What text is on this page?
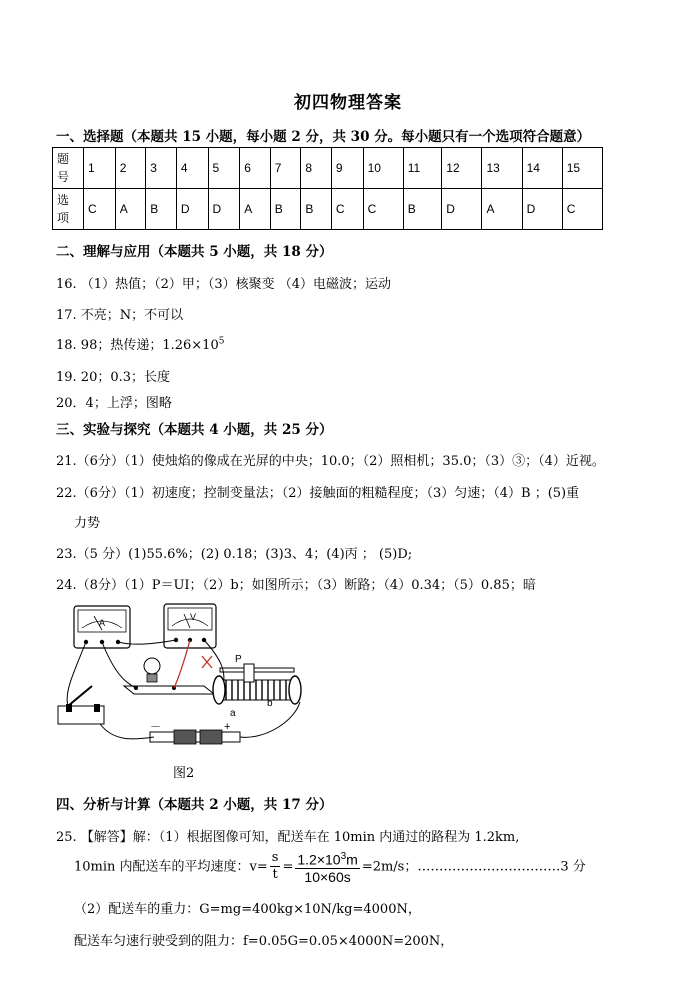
初四物理答案
一、选择题（本题共 15 小题，每小题 2 分，共 30 分。每小题只有一个选项符合题意）
题号	1	2	3	4	5	6	7	8	9	10	11	12	13	14	15
选项	C	A	B	D	D	A	B	B	C	C	B	D	A	D	C
二、理解与应用（本题共 5 小题，共 18 分）
16. （1）热值；（2）甲；（3）核聚变 （4）电磁波；运动
17. 不亮；N；不可以
18. 98；热传递；$1.26\times 10^5$
19. 20；0.3；长度
20．4；上浮；图略
三、实验与探究（本题共 4 小题，共 25 分）
21.（6分）（1）使烛焰的像成在光屏的中央；10.0；（2）照相机；35.0；（3）③；（4）近视。
22.（6分）（1）初速度；控制变量法；（2）接触面的粗糙程度；（3）匀速；（4）B ；(5)重
力势
23.（5 分）(1)55.6%；(2) 0.18；(3)3、4；(4)丙 ； (5)D;
24.（8分）（1）P＝UI；（2）b；如图所示；（3）断路；（4）0.34；（5）0.85；暗
A
V
P
a
b
－	+
图2
四、分析与计算（本题共 2 小题，共 17 分）
25. 【解答】解：（1）根据图像可知，配送车在 10min 内通过的路程为 1.2km,
10min 内配送车的平均速度：$v= \frac{s}{t} = \frac{1.2\times 10^3m}{10\times 60s} =2m/s$；……………………………3 分
（2）配送车的重力：G=mg=400kg×10N/kg=4000N，
配送车匀速行驶受到的阻力：f=0.05G=0.05×4000N=200N，
